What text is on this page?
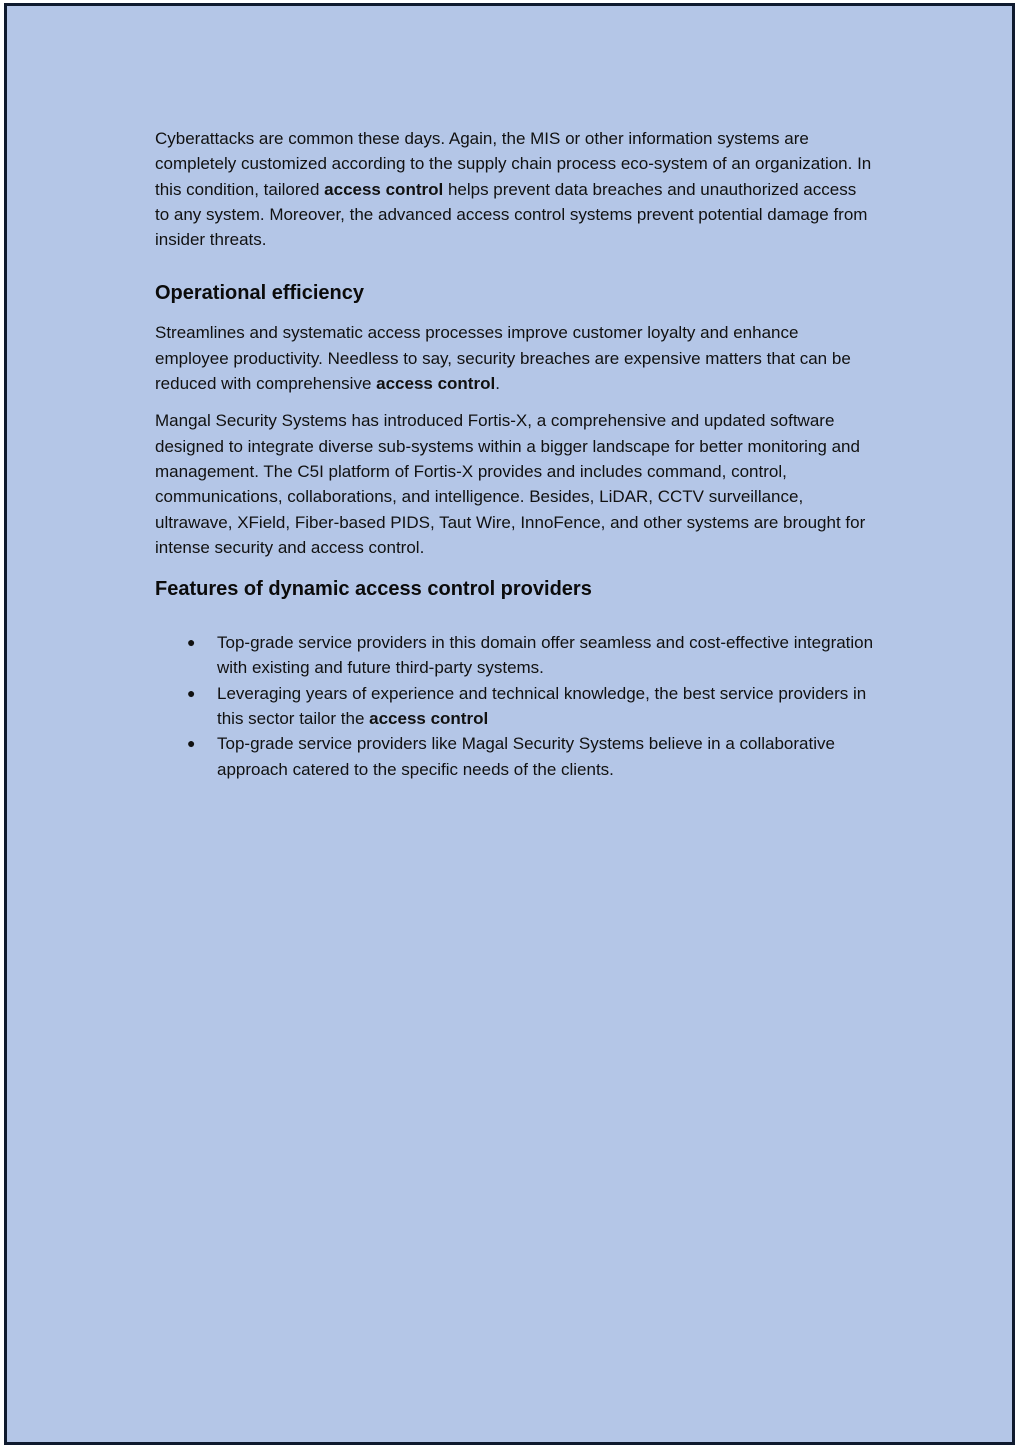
Cyberattacks are common these days. Again, the MIS or other information systems are completely customized according to the supply chain process eco-system of an organization. In this condition, tailored access control helps prevent data breaches and unauthorized access to any system. Moreover, the advanced access control systems prevent potential damage from insider threats.

Operational efficiency

Streamlines and systematic access processes improve customer loyalty and enhance employee productivity. Needless to say, security breaches are expensive matters that can be reduced with comprehensive access control.

Mangal Security Systems has introduced Fortis-X, a comprehensive and updated software designed to integrate diverse sub-systems within a bigger landscape for better monitoring and management. The C5I platform of Fortis-X provides and includes command, control, communications, collaborations, and intelligence. Besides, LiDAR, CCTV surveillance, ultrawave, XField, Fiber-based PIDS, Taut Wire, InnoFence, and other systems are brought for intense security and access control.

Features of dynamic access control providers
● Top-grade service providers in this domain offer seamless and cost-effective integration with existing and future third-party systems.
● Leveraging years of experience and technical knowledge, the best service providers in this sector tailor the access control
● Top-grade service providers like Magal Security Systems believe in a collaborative approach catered to the specific needs of the clients.
